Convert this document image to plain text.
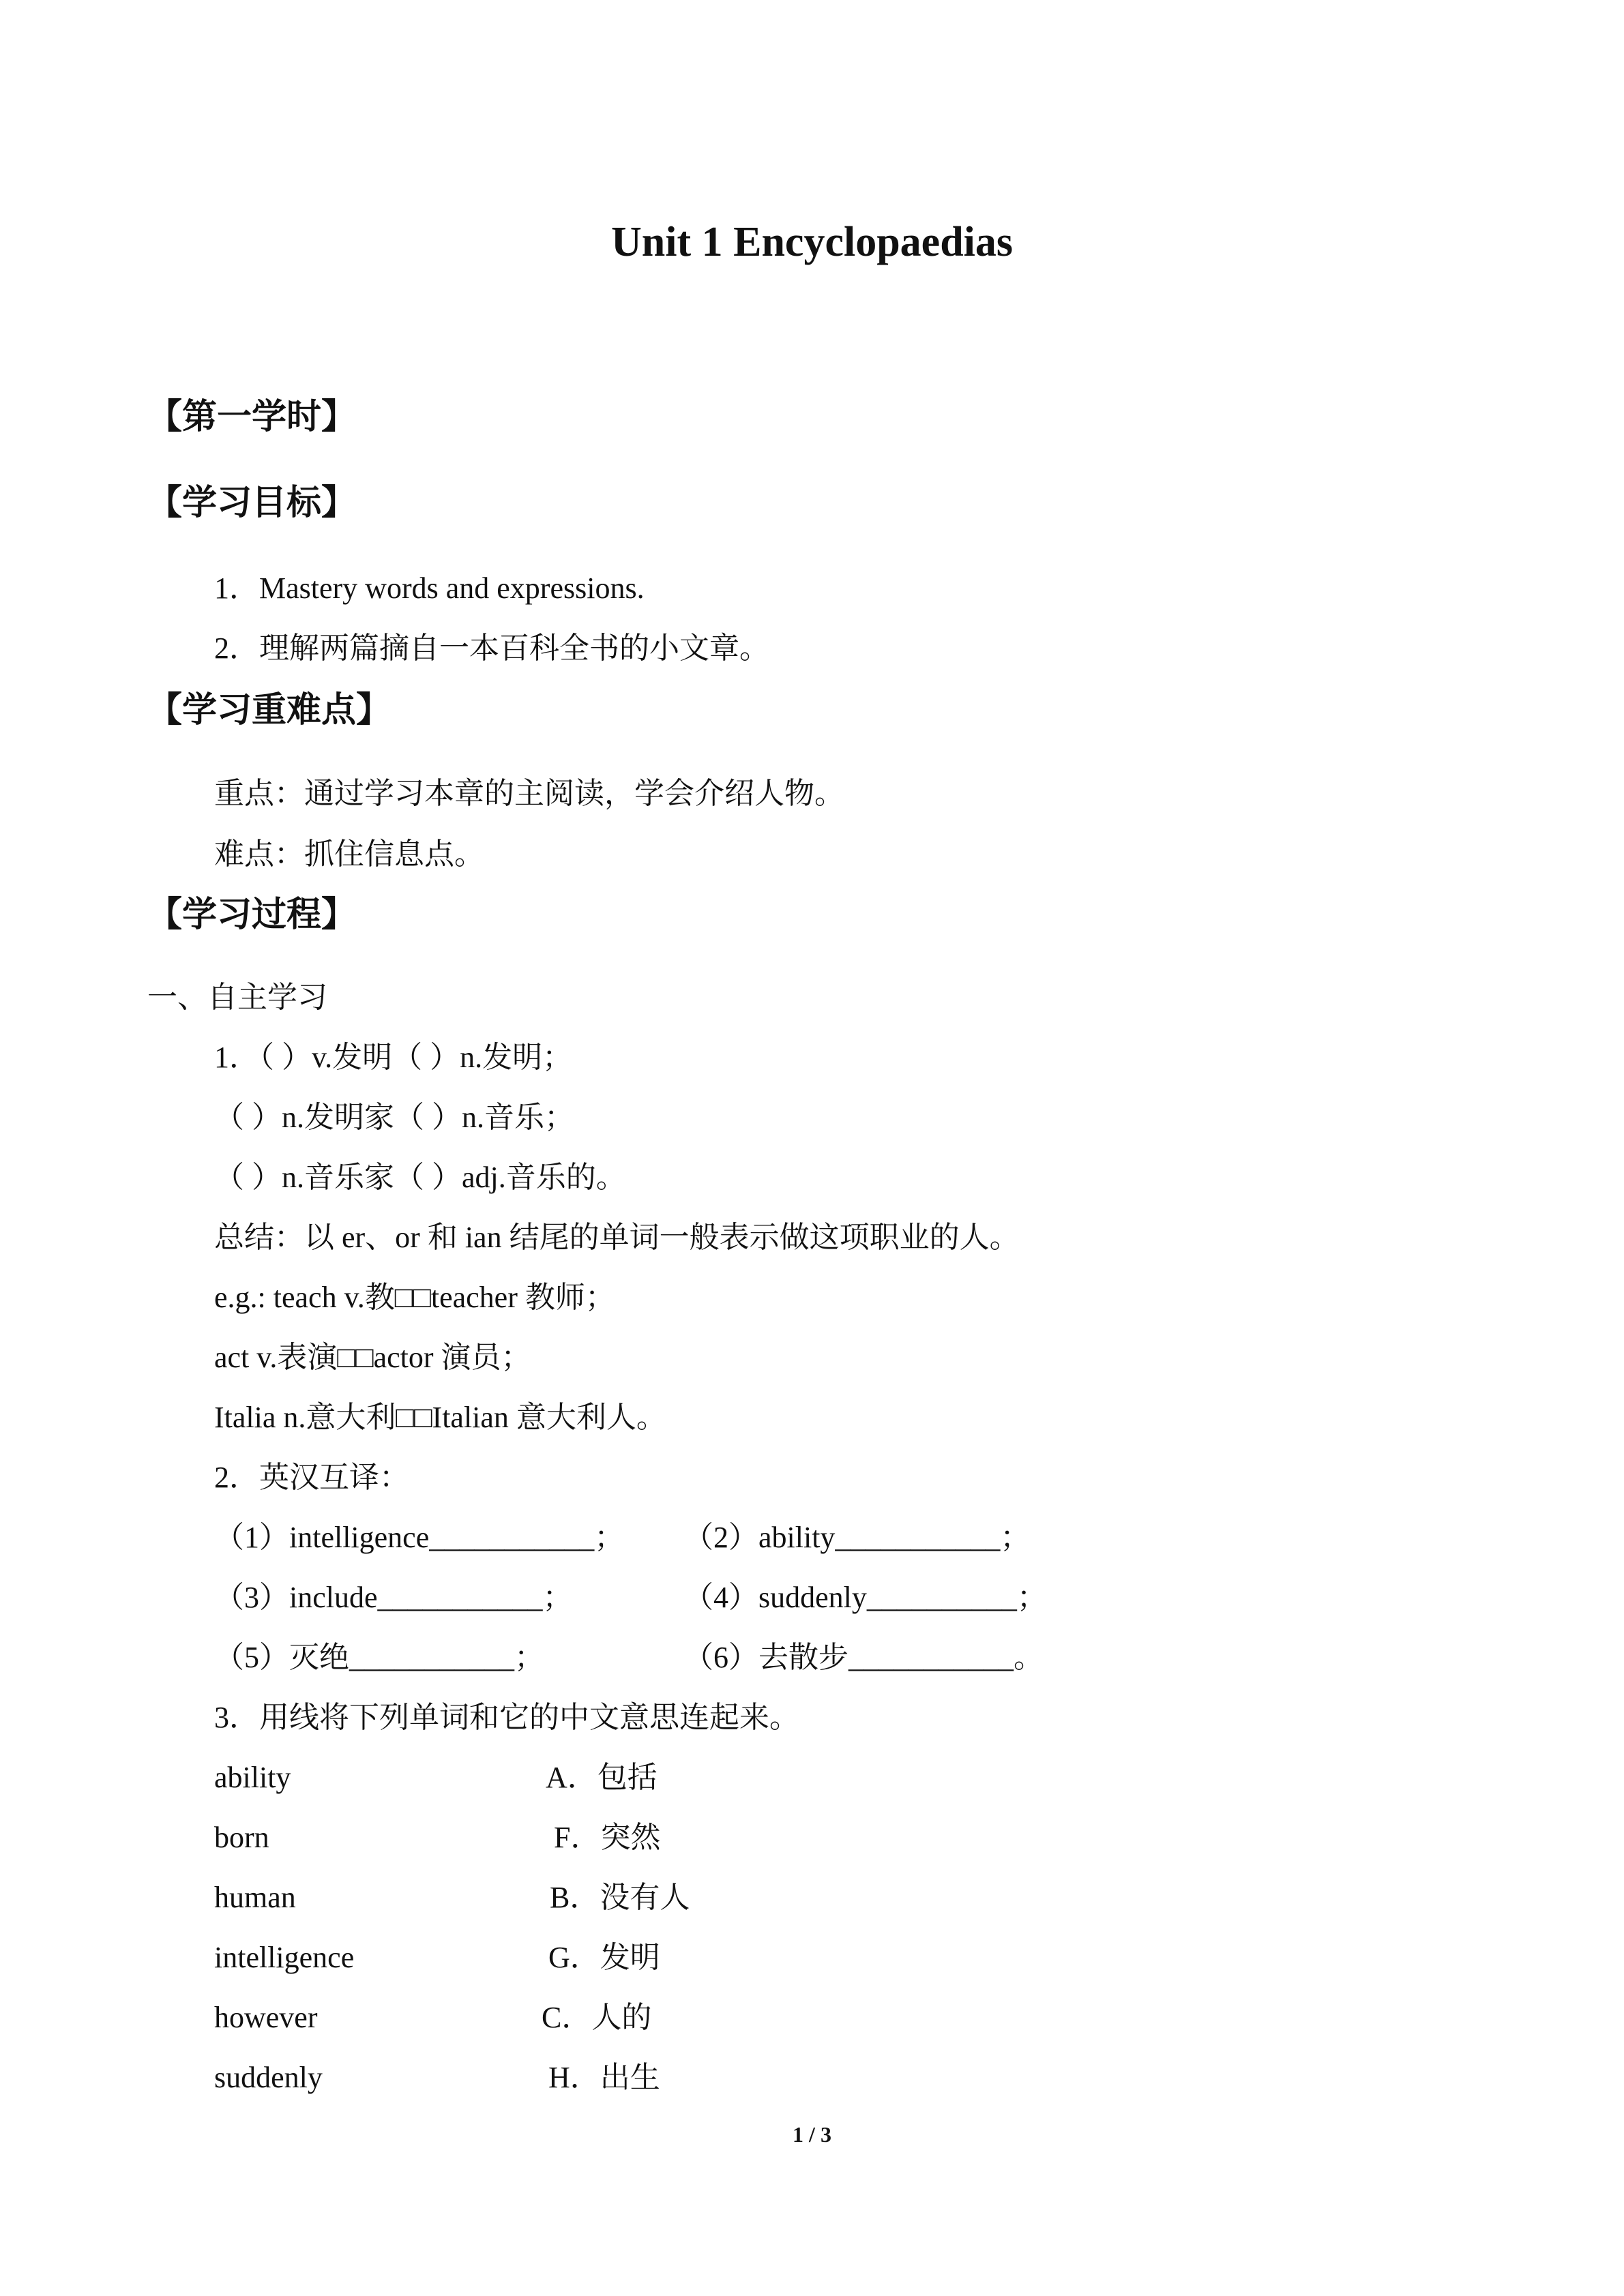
Unit 1 Encyclopaedias
【第一学时】
【学习目标】
1．Mastery words and expressions.
2．理解两篇摘自一本百科全书的小文章。
【学习重难点】
重点：通过学习本章的主阅读，学会介绍人物。
难点：抓住信息点。
【学习过程】
一、自主学习
1．（ ）v.发明（ ）n.发明；
（ ）n.发明家（ ）n.音乐；
（ ）n.音乐家（ ）adj.音乐的。
总结：以 er、or 和 ian 结尾的单词一般表示做这项职业的人。
e.g.: teach v.教□□teacher 教师；
act v.表演□□actor 演员；
Italia n.意大利□□Italian 意大利人。
2．英汉互译：
（1）intelligence___________； （2）ability___________；
（3）include___________；	（4）suddenly__________；
（5）灭绝___________；	（6）去散步___________。
3．用线将下列单词和它的中文意思连起来。
ability	A．包括
born	F．突然
human	B．没有人
intelligence	G．发明
however	C．人的
suddenly	H．出生
1 / 3
